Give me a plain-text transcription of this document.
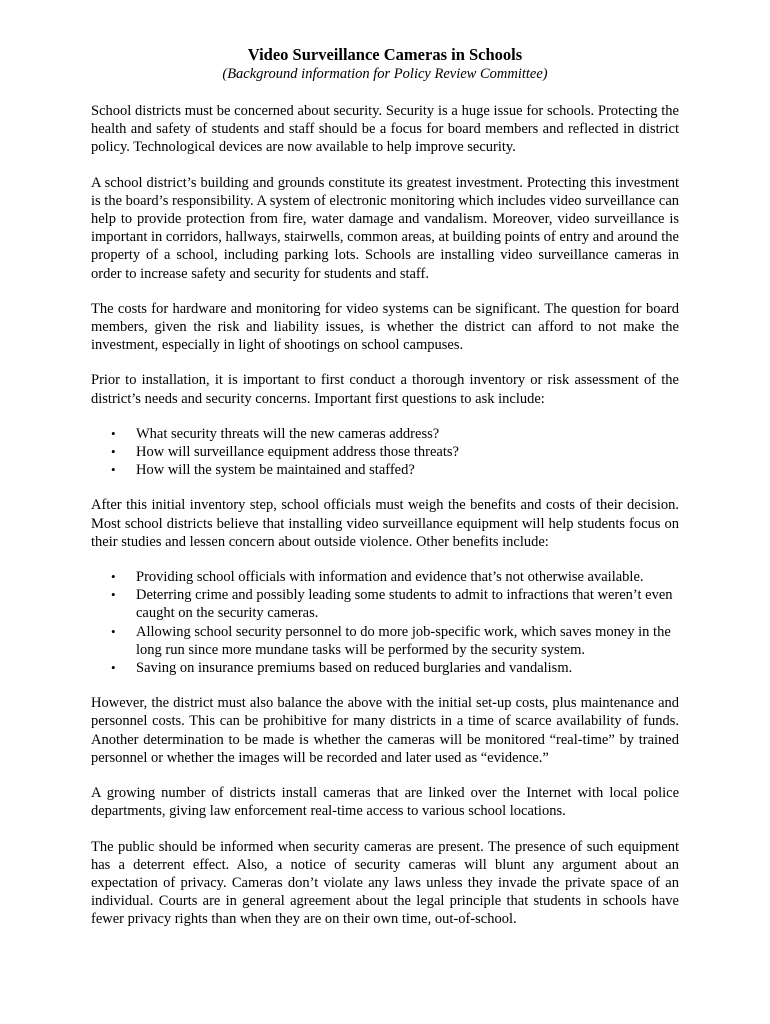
Video Surveillance Cameras in Schools
(Background information for Policy Review Committee)

School districts must be concerned about security. Security is a huge issue for schools. Protecting the health and safety of students and staff should be a focus for board members and reflected in district policy. Technological devices are now available to help improve security.

A school district’s building and grounds constitute its greatest investment. Protecting this investment is the board’s responsibility. A system of electronic monitoring which includes video surveillance can help to provide protection from fire, water damage and vandalism. Moreover, video surveillance is important in corridors, hallways, stairwells, common areas, at building points of entry and around the property of a school, including parking lots. Schools are installing video surveillance cameras in order to increase safety and security for students and staff.

The costs for hardware and monitoring for video systems can be significant. The question for board members, given the risk and liability issues, is whether the district can afford to not make the investment, especially in light of shootings on school campuses.

Prior to installation, it is important to first conduct a thorough inventory or risk assessment of the district’s needs and security concerns. Important first questions to ask include:

• What security threats will the new cameras address?
• How will surveillance equipment address those threats?
• How will the system be maintained and staffed?

After this initial inventory step, school officials must weigh the benefits and costs of their decision. Most school districts believe that installing video surveillance equipment will help students focus on their studies and lessen concern about outside violence. Other benefits include:

• Providing school officials with information and evidence that’s not otherwise available.
• Deterring crime and possibly leading some students to admit to infractions that weren’t even caught on the security cameras.
• Allowing school security personnel to do more job-specific work, which saves money in the long run since more mundane tasks will be performed by the security system.
• Saving on insurance premiums based on reduced burglaries and vandalism.

However, the district must also balance the above with the initial set-up costs, plus maintenance and personnel costs. This can be prohibitive for many districts in a time of scarce availability of funds. Another determination to be made is whether the cameras will be monitored “real-time” by trained personnel or whether the images will be recorded and later used as “evidence.”

A growing number of districts install cameras that are linked over the Internet with local police departments, giving law enforcement real-time access to various school locations.

The public should be informed when security cameras are present. The presence of such equipment has a deterrent effect. Also, a notice of security cameras will blunt any argument about an expectation of privacy. Cameras don’t violate any laws unless they invade the private space of an individual. Courts are in general agreement about the legal principle that students in schools have fewer privacy rights than when they are on their own time, out-of-school.
